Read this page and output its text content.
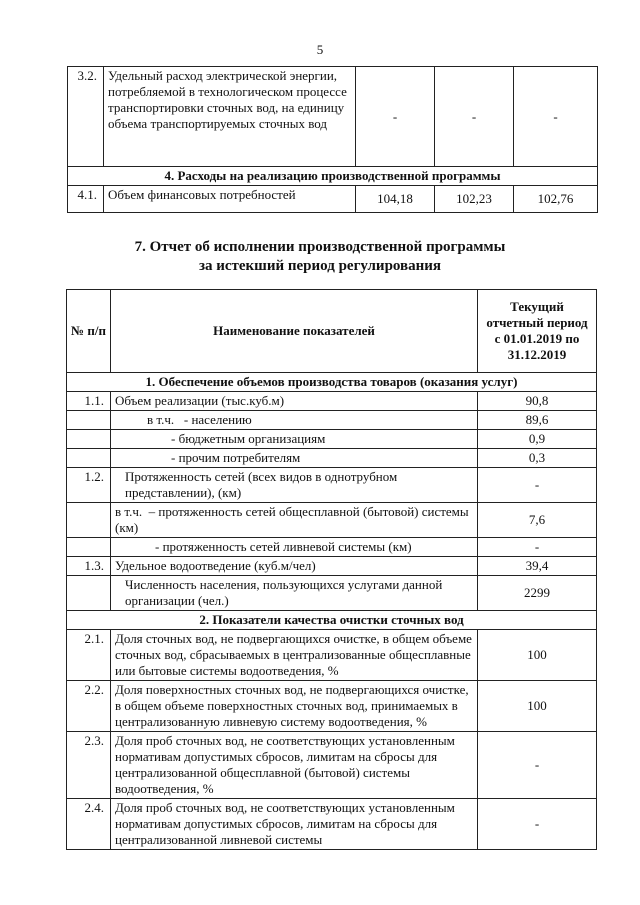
5
3.2.	Удельный расход электрической энергии, потребляемой в технологическом процессе транспортировки сточных вод, на единицу объема транспортируемых сточных вод	-	-	-
4. Расходы на реализацию производственной программы				
4.1.	Объем финансовых потребностей	104,18	102,23	102,76
7. Отчет об исполнении производственной программы
за истекший период регулирования
№ п/п	Наименование показателей	Текущий отчетный период с 01.01.2019 по 31.12.2019
1. Обеспечение объемов производства товаров (оказания услуг)		
1.1.	Объем реализации (тыс.куб.м)	90,8
	в т.ч.   - населению	89,6
	- бюджетным организациям	0,9
	- прочим потребителям	0,3
1.2.	Протяженность сетей (всех видов в однотрубном представлении), (км)	-
	в т.ч.  – протяженность сетей общесплавной (бытовой) системы (км)	7,6
	- протяженность сетей ливневой системы (км)	-
1.3.	Удельное водоотведение (куб.м/чел)	39,4
	Численность населения, пользующихся услугами данной организации (чел.)	2299
2. Показатели качества очистки сточных вод		
2.1.	Доля сточных вод, не подвергающихся очистке, в общем объеме сточных вод, сбрасываемых в централизованные общесплавные или бытовые системы водоотведения, %	100
2.2.	Доля поверхностных сточных вод, не подвергающихся очистке, в общем объеме поверхностных сточных вод, принимаемых в централизованную ливневую систему водоотведения, %	100
2.3.	Доля проб сточных вод, не соответствующих установленным нормативам допустимых сбросов, лимитам на сбросы для централизованной общесплавной (бытовой) системы водоотведения, %	-
2.4.	Доля проб сточных вод, не соответствующих установленным нормативам допустимых сбросов, лимитам на сбросы для централизованной ливневой системы	-
